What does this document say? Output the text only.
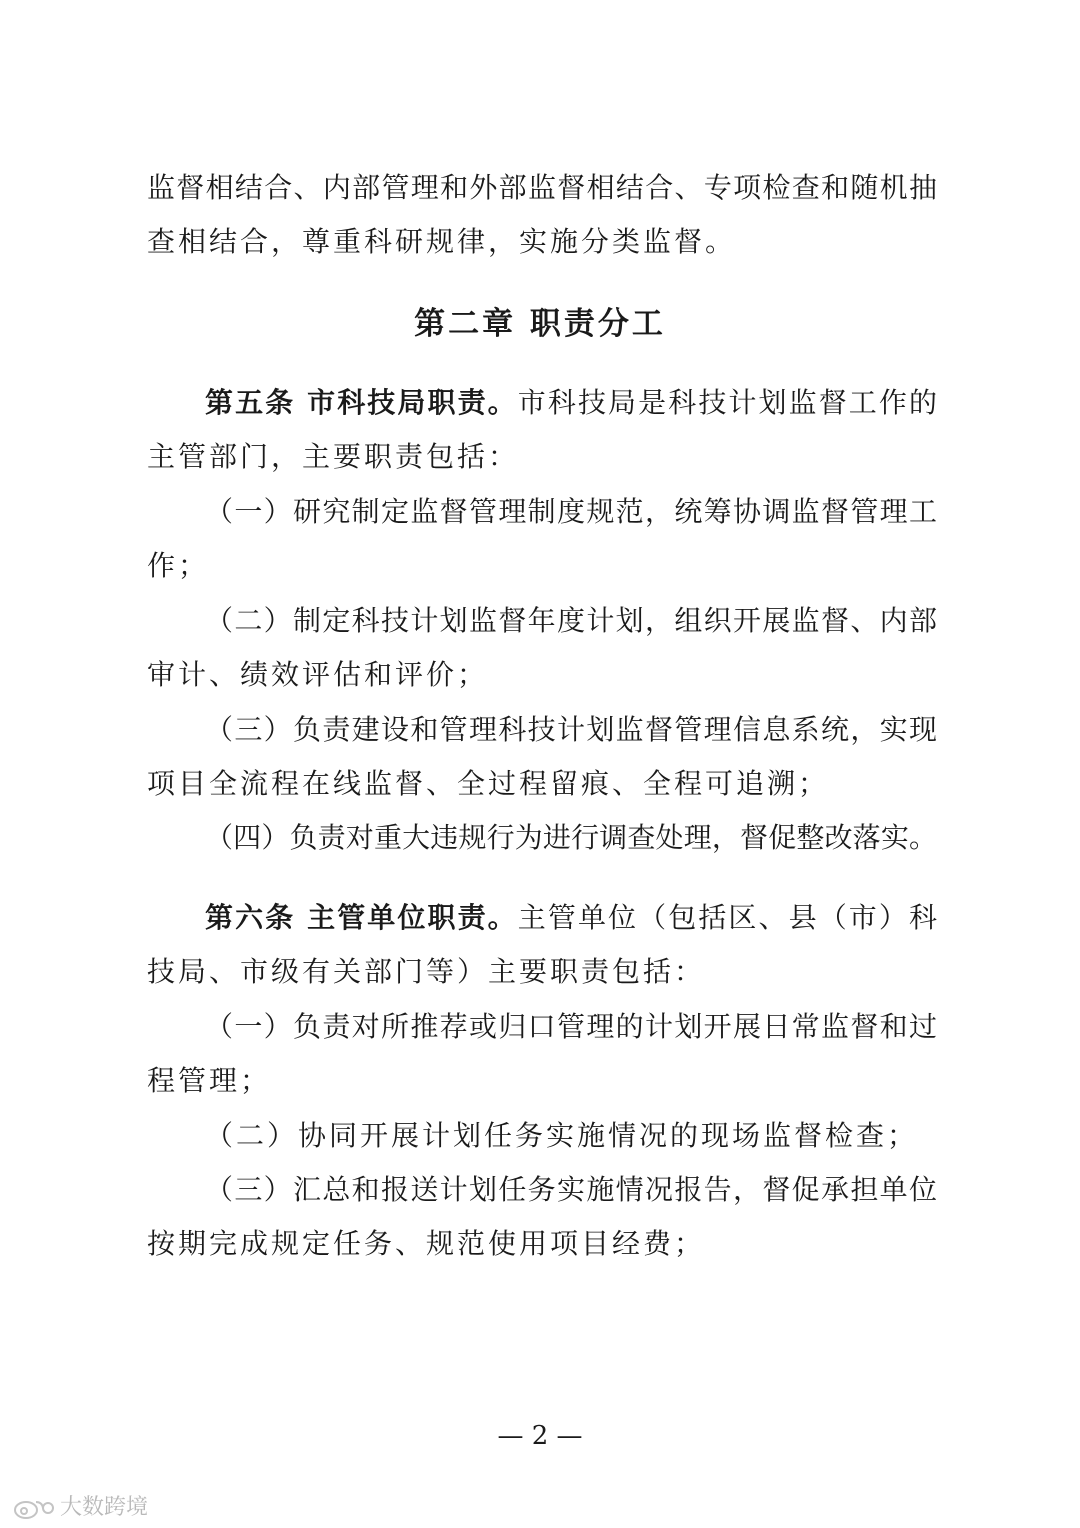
监督相结合、内部管理和外部监督相结合、专项检查和随机抽
查相结合，尊重科研规律，实施分类监督。
第二章 职责分工
第五条 市科技局职责。市科技局是科技计划监督工作的
主管部门，主要职责包括：
（一）研究制定监督管理制度规范，统筹协调监督管理工
作；
（二）制定科技计划监督年度计划，组织开展监督、内部
审计、绩效评估和评价；
（三）负责建设和管理科技计划监督管理信息系统，实现
项目全流程在线监督、全过程留痕、全程可追溯；
（四）负责对重大违规行为进行调查处理，督促整改落实。
第六条 主管单位职责。主管单位（包括区、县（市）科
技局、市级有关部门等）主要职责包括：
（一）负责对所推荐或归口管理的计划开展日常监督和过
程管理；
（二）协同开展计划任务实施情况的现场监督检查；
（三）汇总和报送计划任务实施情况报告，督促承担单位
按期完成规定任务、规范使用项目经费；
— 2 —
大数跨境
